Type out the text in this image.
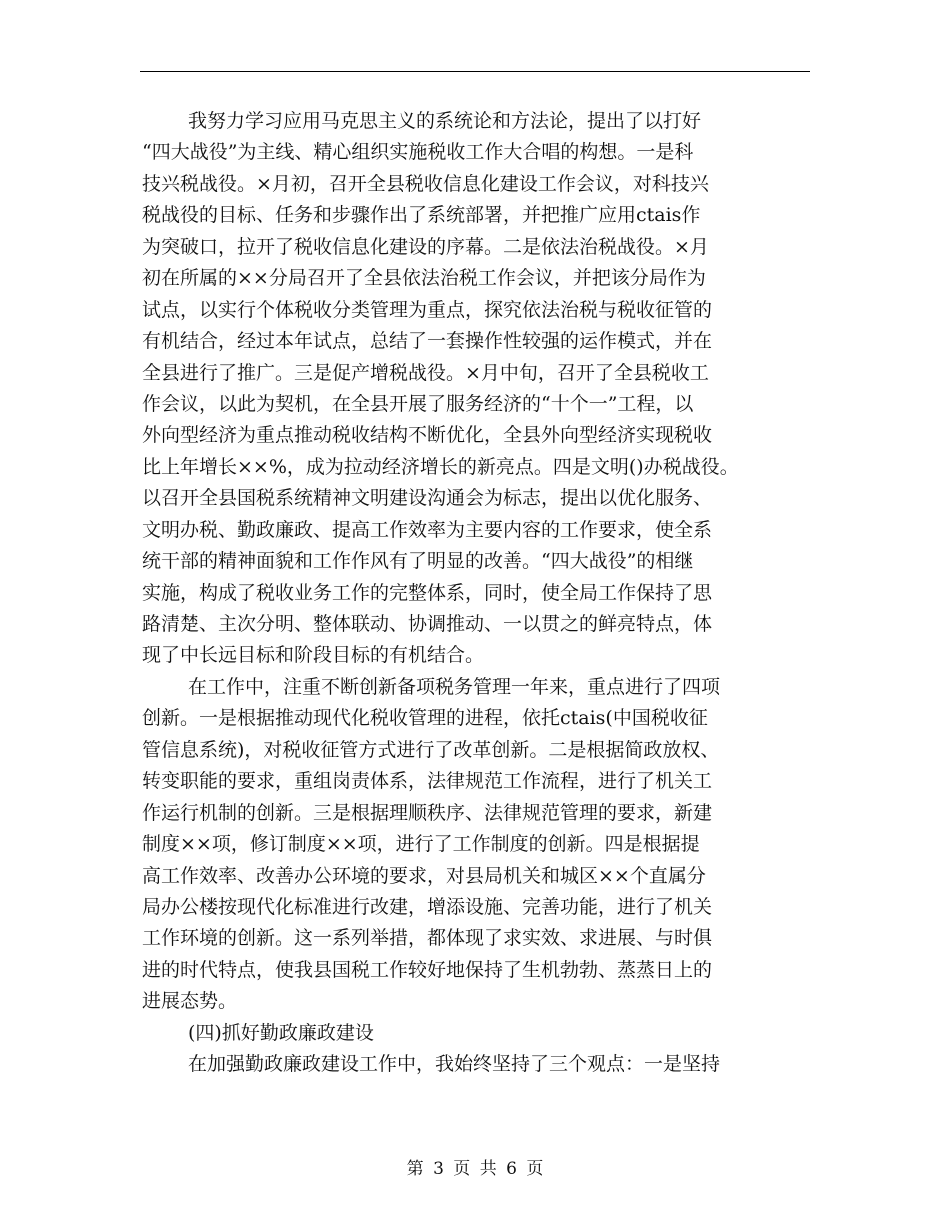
我努力学习应用马克思主义的系统论和方法论，提出了以打好
“四大战役”为主线、精心组织实施税收工作大合唱的构想。一是科
技兴税战役。×月初，召开全县税收信息化建设工作会议，对科技兴
税战役的目标、任务和步骤作出了系统部署，并把推广应用ctais作
为突破口，拉开了税收信息化建设的序幕。二是依法治税战役。×月
初在所属的××分局召开了全县依法治税工作会议，并把该分局作为
试点，以实行个体税收分类管理为重点，探究依法治税与税收征管的
有机结合，经过本年试点，总结了一套操作性较强的运作模式，并在
全县进行了推广。三是促产增税战役。×月中旬，召开了全县税收工
作会议，以此为契机，在全县开展了服务经济的“十个一”工程，以
外向型经济为重点推动税收结构不断优化，全县外向型经济实现税收
比上年增长××%，成为拉动经济增长的新亮点。四是文明()办税战役。
以召开全县国税系统精神文明建设沟通会为标志，提出以优化服务、
文明办税、勤政廉政、提高工作效率为主要内容的工作要求，使全系
统干部的精神面貌和工作作风有了明显的改善。“四大战役”的相继
实施，构成了税收业务工作的完整体系，同时，使全局工作保持了思
路清楚、主次分明、整体联动、协调推动、一以贯之的鲜亮特点，体
现了中长远目标和阶段目标的有机结合。
在工作中，注重不断创新备项税务管理一年来，重点进行了四项
创新。一是根据推动现代化税收管理的进程，依托ctais(中国税收征
管信息系统)，对税收征管方式进行了改革创新。二是根据简政放权、
转变职能的要求，重组岗责体系，法律规范工作流程，进行了机关工
作运行机制的创新。三是根据理顺秩序、法律规范管理的要求，新建
制度××项，修订制度××项，进行了工作制度的创新。四是根据提
高工作效率、改善办公环境的要求，对县局机关和城区××个直属分
局办公楼按现代化标准进行改建，增添设施、完善功能，进行了机关
工作环境的创新。这一系列举措，都体现了求实效、求进展、与时俱
进的时代特点，使我县国税工作较好地保持了生机勃勃、蒸蒸日上的
进展态势。
(四)抓好勤政廉政建设
在加强勤政廉政建设工作中，我始终坚持了三个观点：一是坚持
第 3 页 共 6 页
